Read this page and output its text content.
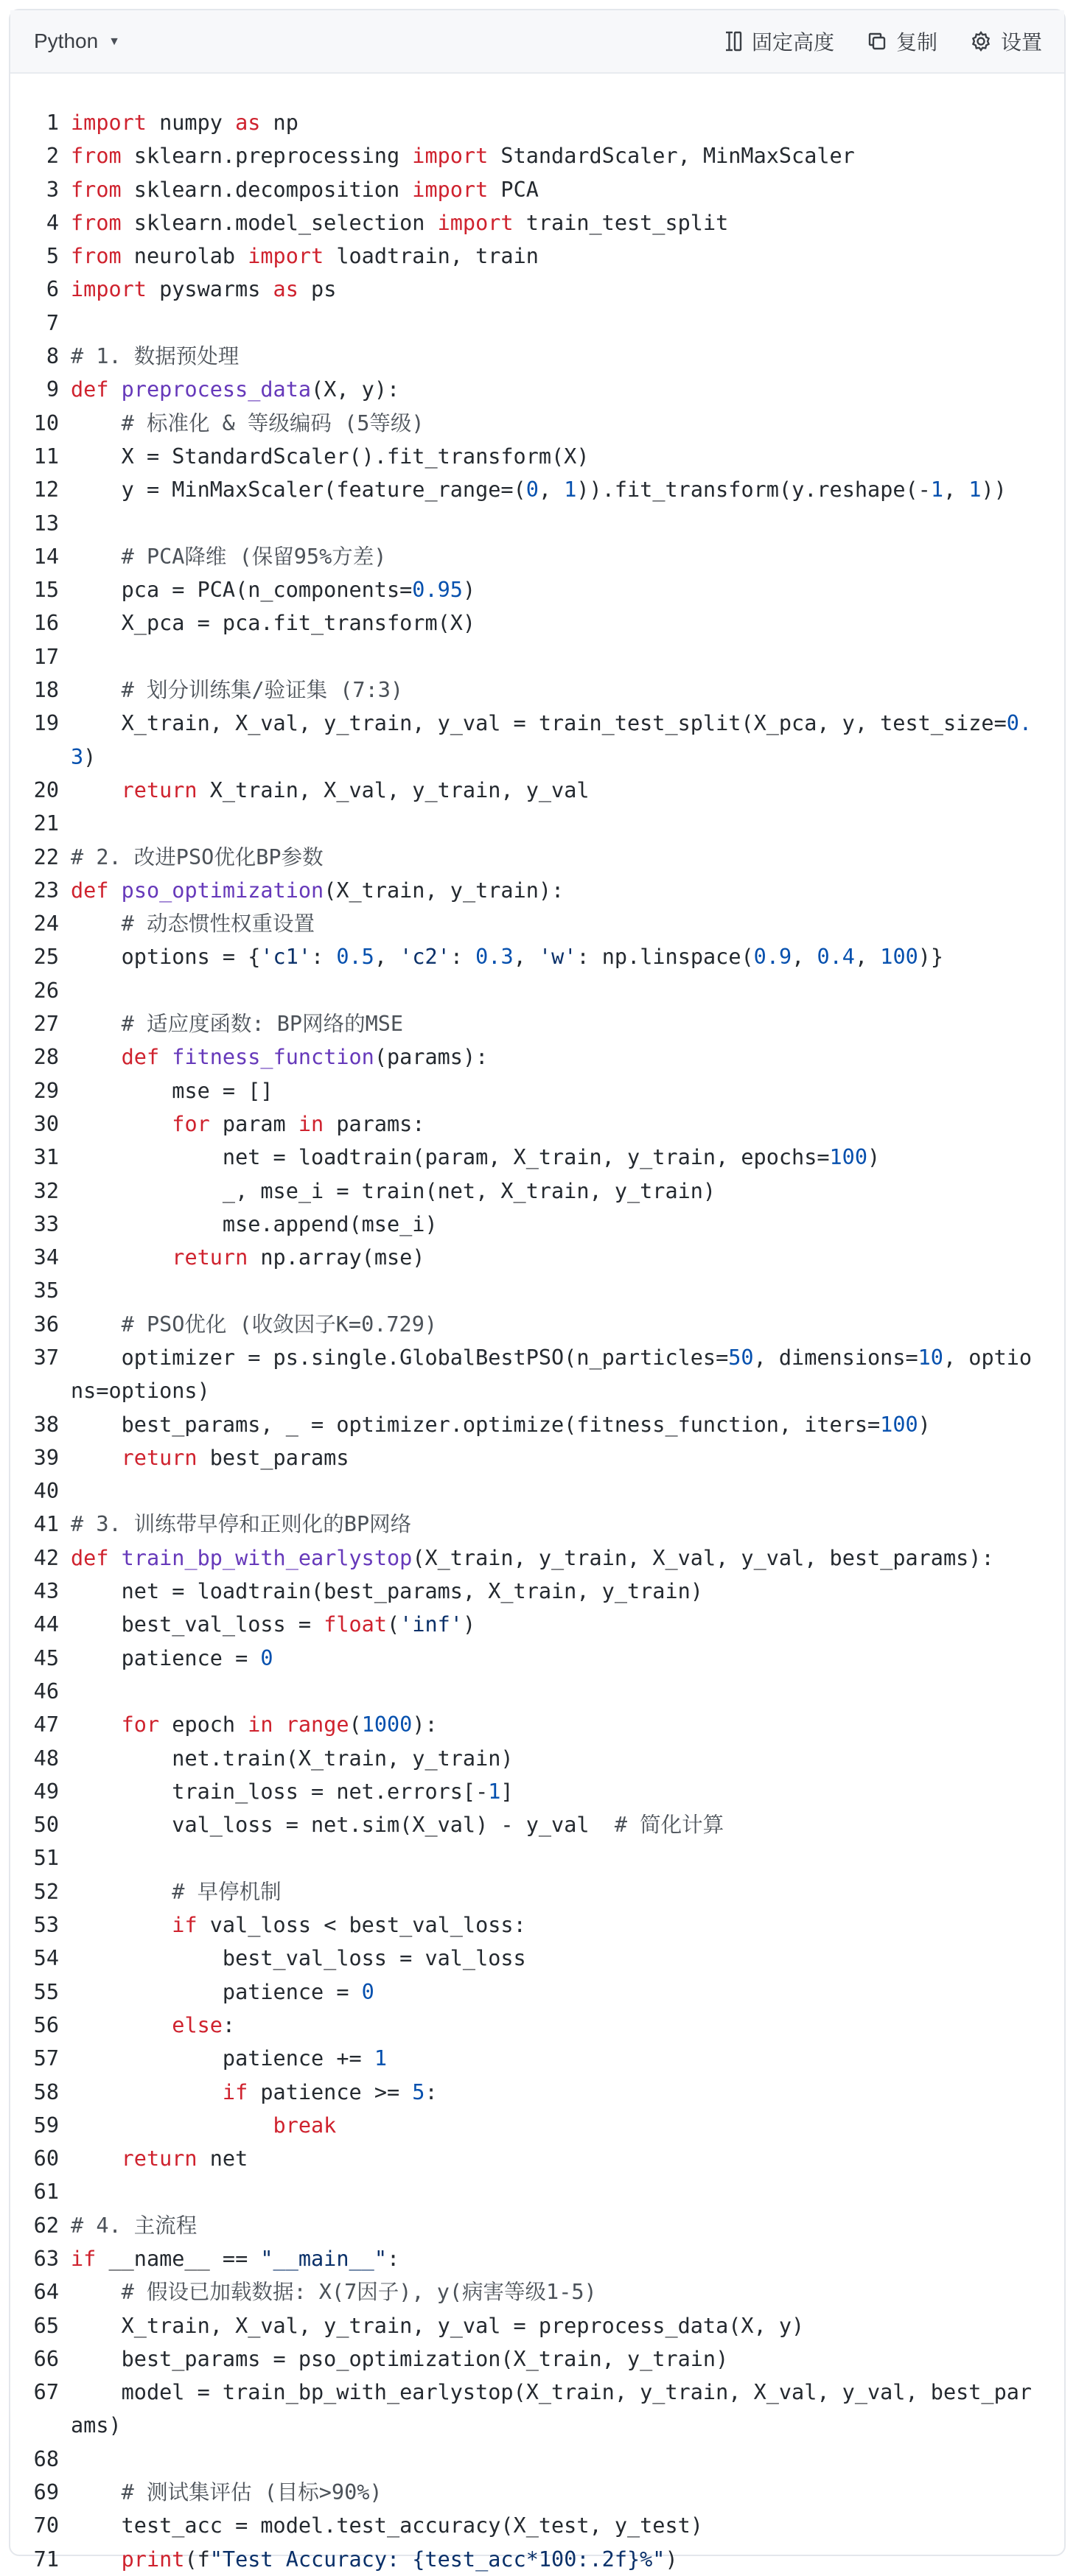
Python ▼	固定高度	复制	设置
1 import numpy as np
2 from sklearn.preprocessing import StandardScaler, MinMaxScaler
3 from sklearn.decomposition import PCA
4 from sklearn.model_selection import train_test_split
5 from neurolab import loadtrain, train
6 import pyswarms as ps
7
8 # 1. 数据预处理
9 def preprocess_data(X, y):
10	# 标准化 & 等级编码 (5等级)
11 X = StandardScaler().fit_transform(X)
12 y = MinMaxScaler(feature_range=(0, 1)).fit_transform(y.reshape(-1, 1))
13
14	# PCA降维 (保留95%方差)
15 pca = PCA(n_components=0.95)
16 X_pca = pca.fit_transform(X)
17
18	# 划分训练集/验证集 (7:3)
19 X_train, X_val, y_train, y_val = train_test_split(X_pca, y, test_size=0.3)
20	return X_train, X_val, y_train, y_val
21
22 # 2. 改进PSO优化BP参数
23 def pso_optimization(X_train, y_train):
24	# 动态惯性权重设置
25 options = {'c1': 0.5, 'c2': 0.3, 'w': np.linspace(0.9, 0.4, 100)}
26
27	# 适应度函数: BP网络的MSE
28	def fitness_function(params):
29 mse = []
30	for param in params:
31 net = loadtrain(param, X_train, y_train, epochs=100)
32 _, mse_i = train(net, X_train, y_train)
33 mse.append(mse_i)
34	return np.array(mse)
35
36	# PSO优化 (收敛因子K=0.729)
37 optimizer = ps.single.GlobalBestPSO(n_particles=50, dimensions=10, options=options)
38 best_params, _ = optimizer.optimize(fitness_function, iters=100)
39	return best_params
40
41 # 3. 训练带早停和正则化的BP网络
42 def train_bp_with_earlystop(X_train, y_train, X_val, y_val, best_params):
43 net = loadtrain(best_params, X_train, y_train)
44 best_val_loss = float('inf')
45 patience = 0
46
47	for epoch in range(1000):
48 net.train(X_train, y_train)
49 train_loss = net.errors[-1]
50 val_loss = net.sim(X_val) - y_val  # 简化计算
51
52	# 早停机制
53	if val_loss < best_val_loss:
54 best_val_loss = val_loss
55 patience = 0
56	else:
57 patience += 1
58	if patience >= 5:
59	break
60	return net
61
62 # 4. 主流程
63 if __name__ == "__main__":
64	# 假设已加载数据: X(7因子), y(病害等级1-5)
65 X_train, X_val, y_train, y_val = preprocess_data(X, y)
66 best_params = pso_optimization(X_train, y_train)
67 model = train_bp_with_earlystop(X_train, y_train, X_val, y_val, best_params)
68
69	# 测试集评估 (目标>90%)
70 test_acc = model.test_accuracy(X_test, y_test)
71	print(f"Test Accuracy: {test_acc*100:.2f}%")
